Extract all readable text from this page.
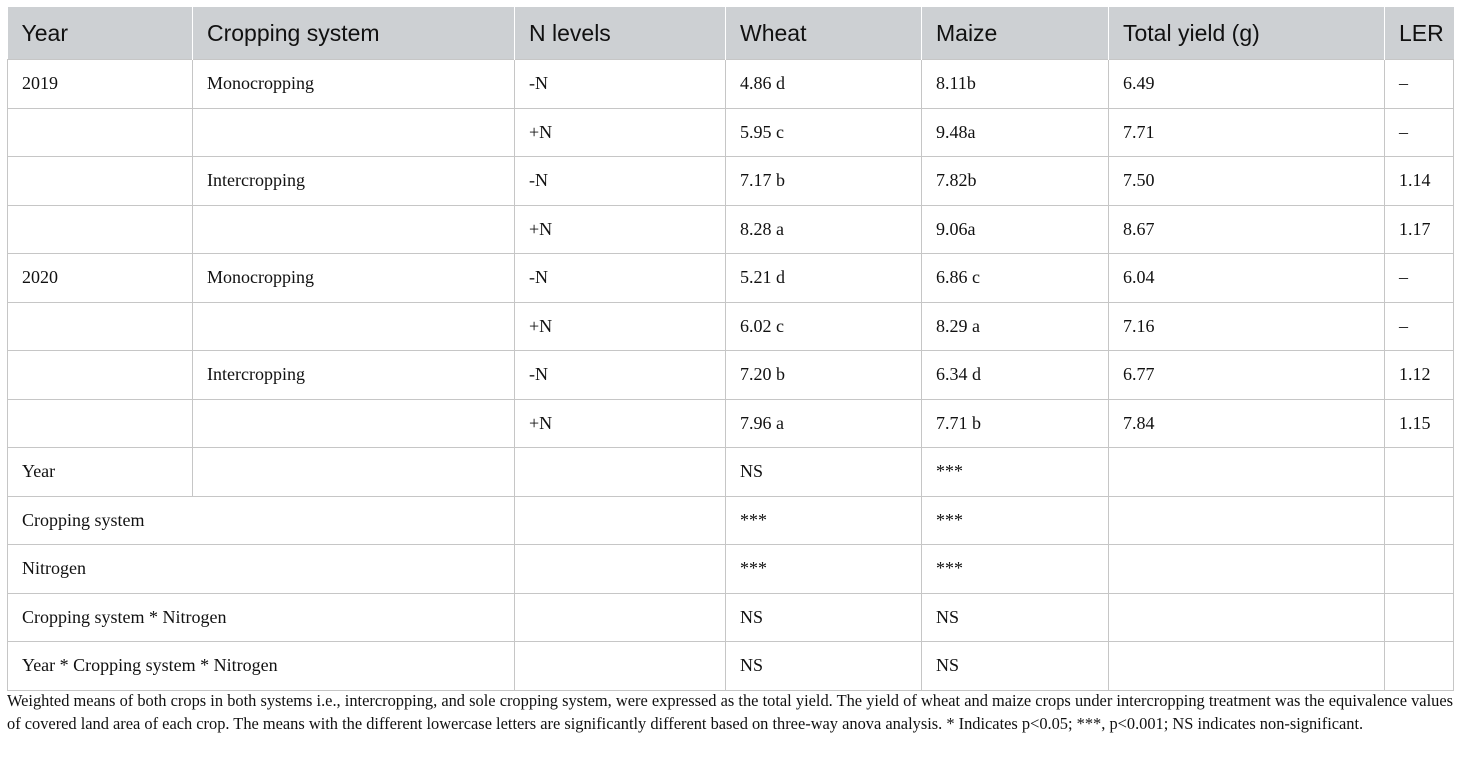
Year	Cropping system	N levels	Wheat	Maize	Total yield (g)	LER
2019	Monocropping	-N	4.86 d	8.11b	6.49	–
		+N	5.95 c	9.48a	7.71	–
	Intercropping	-N	7.17 b	7.82b	7.50	1.14
		+N	8.28 a	9.06a	8.67	1.17
2020	Monocropping	-N	5.21 d	6.86 c	6.04	–
		+N	6.02 c	8.29 a	7.16	–
	Intercropping	-N	7.20 b	6.34 d	6.77	1.12
		+N	7.96 a	7.71 b	7.84	1.15
Year			NS	***		
Cropping system			***	***		
Nitrogen			***	***		
Cropping system * Nitrogen			NS	NS		
Year * Cropping system * Nitrogen			NS	NS		

Weighted means of both crops in both systems i.e., intercropping, and sole cropping system, were expressed as the total yield. The yield of wheat and maize crops under intercropping treatment was the equivalence values of covered land area of each crop. The means with the different lowercase letters are significantly different based on three-way anova analysis. * Indicates p<0.05; ***, p<0.001; NS indicates non-significant.
